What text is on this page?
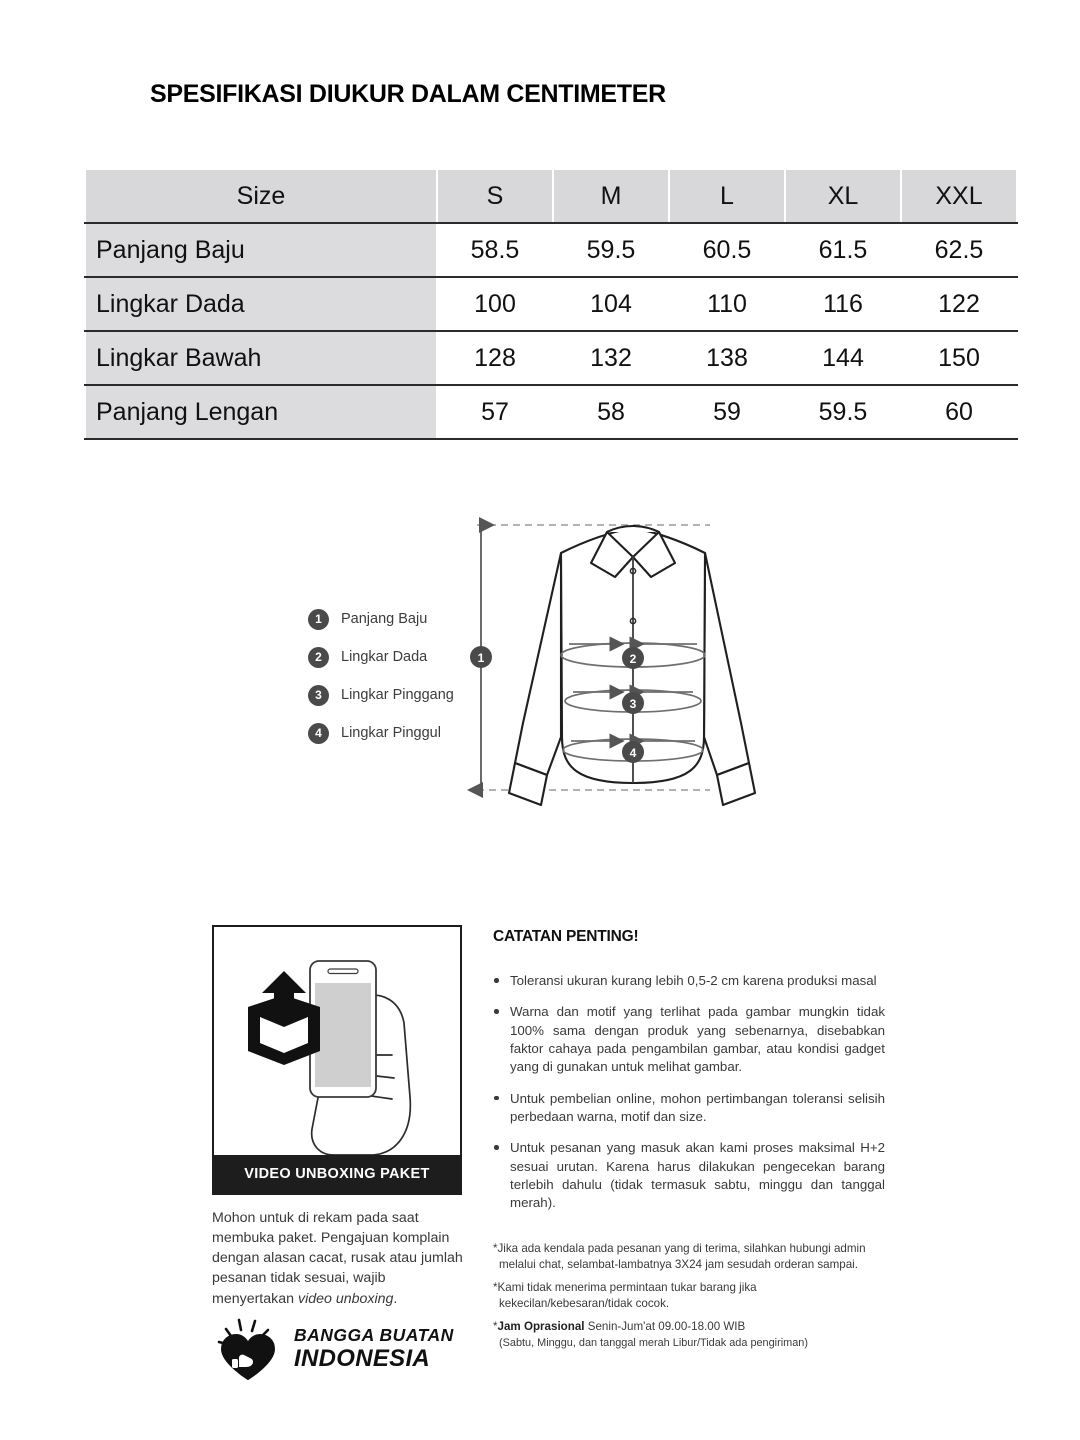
SPESIFIKASI DIUKUR DALAM CENTIMETER
Size	S	M	L	XL	XXL
Panjang Baju	58.5	59.5	60.5	61.5	62.5
Lingkar Dada	100	104	110	116	122
Lingkar Bawah	128	132	138	144	150
Panjang Lengan	57	58	59	59.5	60
1	Panjang Baju
2	Lingkar Dada
3	Lingkar Pinggang
4	Lingkar Pinggul
1	2
3
4
VIDEO UNBOXING PAKET
Mohon untuk di rekam pada saat membuka paket. Pengajuan komplain dengan alasan cacat, rusak atau jumlah pesanan tidak sesuai, wajib menyertakan video unboxing.
CATATAN PENTING!
Toleransi ukuran kurang lebih 0,5-2 cm karena produksi masal
Warna dan motif yang terlihat pada gambar mungkin tidak 100% sama dengan produk yang sebenarnya, disebabkan faktor cahaya pada pengambilan gambar, atau kondisi gadget yang di gunakan untuk melihat gambar.
Untuk pembelian online, mohon pertimbangan toleransi selisih perbedaan warna, motif dan size.
Untuk pesanan yang masuk akan kami proses maksimal H+2 sesuai urutan. Karena harus dilakukan pengecekan barang terlebih dahulu (tidak termasuk sabtu, minggu dan tanggal merah).
*Jika ada kendala pada pesanan yang di terima, silahkan hubungi admin melalui chat, selambat-lambatnya 3X24 jam sesudah orderan sampai.
*Kami tidak menerima permintaan tukar barang jika kekecilan/kebesaran/tidak cocok.
*Jam Oprasional Senin-Jum'at 09.00-18.00 WIB
(Sabtu, Minggu, dan tanggal merah Libur/Tidak ada pengiriman)
BANGGA BUATAN
INDONESIA
